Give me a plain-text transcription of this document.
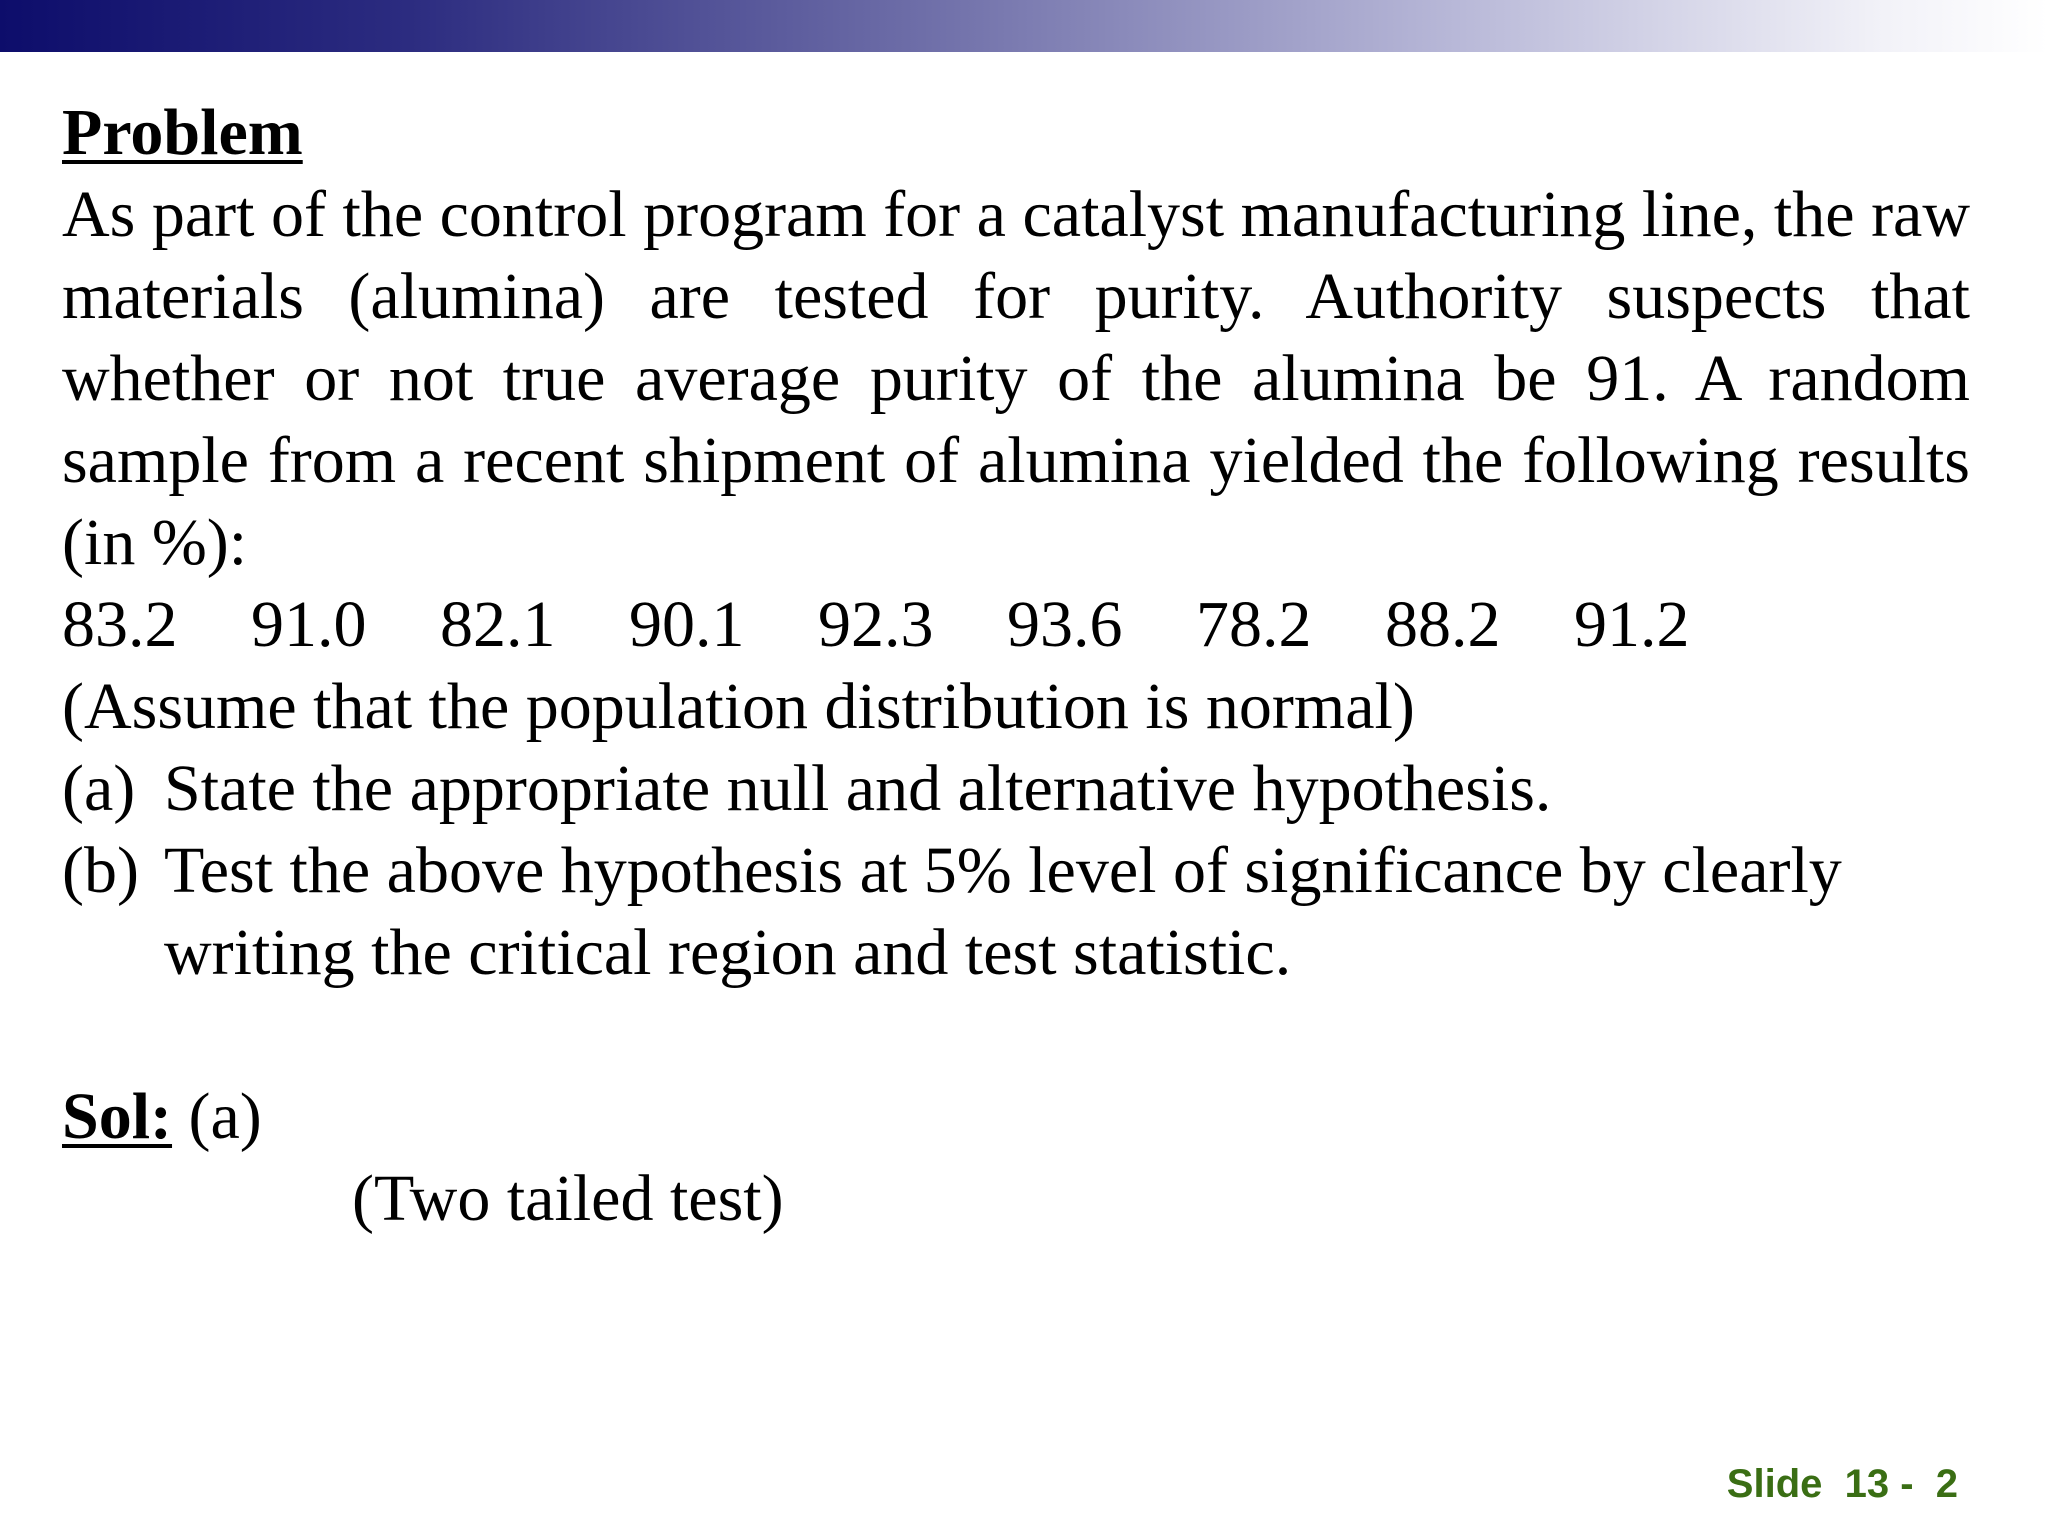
Problem
As part of the control program for a catalyst manufacturing line, the raw materials (alumina) are tested for purity. Authority suspects that whether or not true average purity of the alumina be 91. A random sample from a recent shipment of alumina yielded the following results (in %):
83.2	91.0	82.1	90.1	92.3	93.6	78.2	88.2	91.2
(Assume that the population distribution is normal)
(a) State the appropriate null and alternative hypothesis.
(b) Test the above hypothesis at 5% level of significance by clearly writing the critical region and test statistic.
Sol: (a)
(Two tailed test)
Slide  13 -  2
